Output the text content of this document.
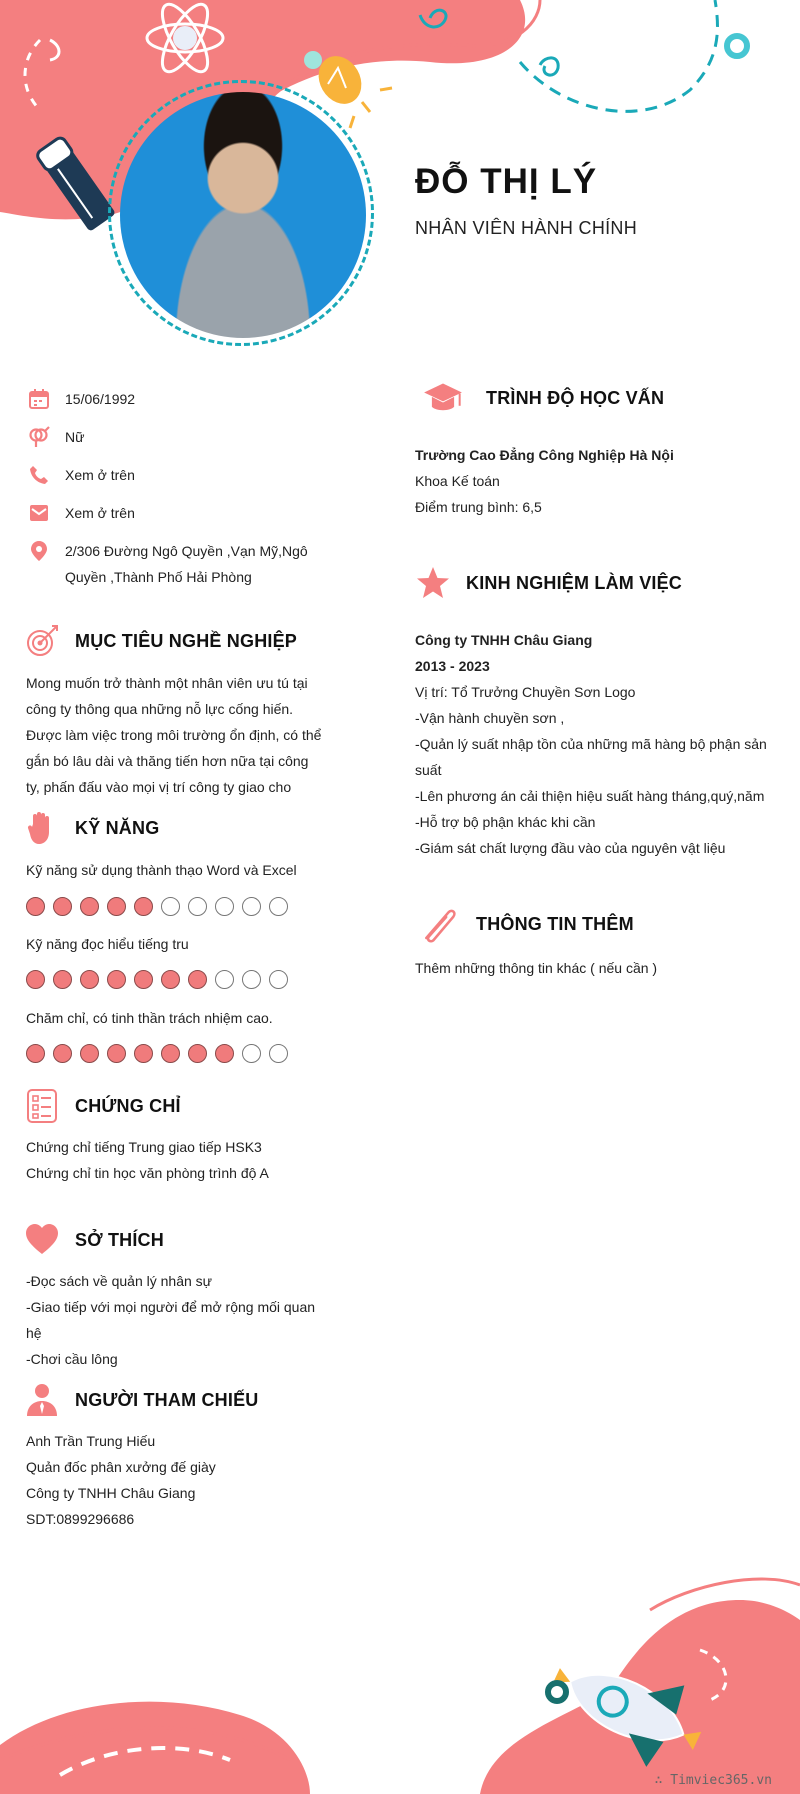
ĐỖ THỊ LÝ
NHÂN VIÊN HÀNH CHÍNH
15/06/1992
Nữ
Xem ở trên
Xem ở trên
2/306 Đường Ngô Quyền ,Vạn Mỹ,Ngô
Quyền ,Thành Phố Hải Phòng
MỤC TIÊU NGHỀ NGHIỆP
Mong muốn trở thành một nhân viên ưu tú tại
công ty thông qua những nỗ lực cống hiến.
Được làm việc trong môi trường ổn định, có thể
gắn bó lâu dài và thăng tiến hơn nữa tại công
ty, phấn đấu vào mọi vị trí công ty giao cho
KỸ NĂNG
Kỹ năng sử dụng thành thạo Word và Excel
Kỹ năng đọc hiểu tiếng tru
Chăm chỉ, có tinh thần trách nhiệm cao.
CHỨNG CHỈ
Chứng chỉ tiếng Trung giao tiếp HSK3
Chứng chỉ tin học văn phòng trình độ A
SỞ THÍCH
-Đọc sách về quản lý nhân sự
-Giao tiếp với mọi người để mở rộng mối quan
hệ
-Chơi cầu lông
NGƯỜI THAM CHIẾU
Anh Trần Trung Hiếu
Quản đốc phân xưởng đế giày
Công ty TNHH Châu Giang
SDT:0899296686
TRÌNH ĐỘ HỌC VẤN
Trường Cao Đẳng Công Nghiệp Hà Nội
Khoa Kế toán
Điểm trung bình: 6,5
KINH NGHIỆM LÀM VIỆC
Công ty TNHH Châu Giang
2013 - 2023
Vị trí: Tổ Trưởng Chuyền Sơn Logo
-Vận hành chuyền sơn ,
-Quản lý suất nhập tồn của những mã hàng bộ phận sản
suất
-Lên phương án cải thiện hiệu suất hàng tháng,quý,năm
-Hỗ trợ bộ phận khác khi cần
-Giám sát chất lượng đầu vào của nguyên vật liệu
THÔNG TIN THÊM
Thêm những thông tin khác ( nếu cần )
∴ Timviec365.vn
